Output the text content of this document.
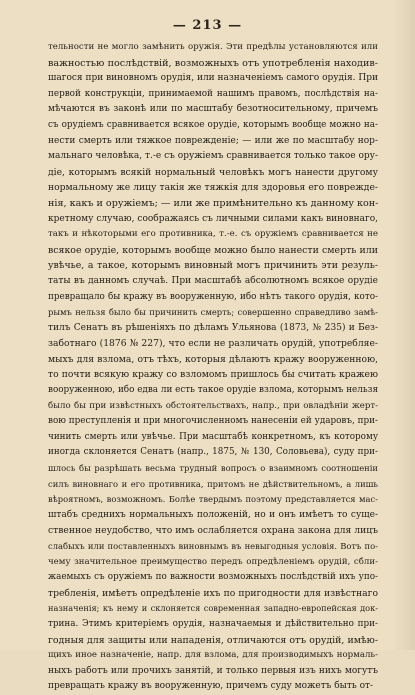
— 213 —
тельности не могло замѣнить оружія. Эти предѣлы установляются или
важностью послѣдствій, возможныхъ отъ употребленія находив-
шагося при виновномъ орудія, или назначеніемъ самого орудія. При
первой конструкціи, принимаемой нашимъ правомъ, послѣдствія на-
мѣчаются въ законѣ или по масштабу безотносительному, причемъ
съ орудіемъ сравнивается всякое орудіе, которымъ вообще можно на-
нести смерть или тяжкое поврежденіе; — или же по масштабу нор-
мальнаго человѣка, т.-е съ оружіемъ сравнивается только такое ору-
діе, которымъ всякій нормальный человѣкъ могъ нанести другому
нормальному же лицу такія же тяжкія для здоровья его поврежде-
нія, какъ и оружіемъ; — или же примѣнительно къ данному кон-
кретному случаю, соображаясь съ личными силами какъ виновнаго,
такъ и нѣкоторыми его противника, т.-е. съ оружіемъ сравнивается не
всякое орудіе, которымъ вообще можно было нанести смерть или
увѣчье, а такое, которымъ виновный могъ причинить эти резуль-
таты въ данномъ случаѣ. При масштабѣ абсолютномъ всякое орудіе
превращало бы кражу въ вооруженную, ибо нѣтъ такого орудія, кото-
рымъ нельзя было бы причинить смерть; совершенно справедливо замѣ-
тилъ Сенатъ въ рѣшеніяхъ по дѣламъ Ульянова (1873, № 235) и Без-
заботнаго (1876 № 227), что если не различать орудій, употребляе-
мыхъ для взлома, отъ тѣхъ, которыя дѣлаютъ кражу вооруженною,
то почти всякую кражу со взломомъ пришлось бы считать кражею
вооруженною, ибо едва ли есть такое орудіе взлома, которымъ нельзя
было бы при извѣстныхъ обстоятельствахъ, напр., при овладѣніи жерт-
вою преступленія и при многочисленномъ нанесеніи ей ударовъ, при-
чинить смерть или увѣчье. При масштабѣ конкретномъ, къ которому
иногда склоняется Сенатъ (напр., 1875, № 130, Соловьева), суду при-
шлось бы разрѣшать весьма трудный вопросъ о взаимномъ соотношеніи
силъ виновнаго и его противника, притомъ не дѣйствительномъ, а лишь
вѣроятномъ, возможномъ. Болѣе твердымъ поэтому представляется мас-
штабъ среднихъ нормальныхъ положеній, но и онъ имѣетъ то суще-
ственное неудобство, что имъ ослабляется охрана закона для лицъ
слабыхъ или поставленныхъ виновнымъ въ невыгодныя условія. Вотъ по-
чему значительное преимущество передъ опредѣленіемъ орудій, сбли-
жаемыхъ съ оружіемъ по важности возможныхъ послѣдствій ихъ упо-
требленія, имѣетъ опредѣленіе ихъ по пригодности для извѣстнаго
назначенія; къ нему и склоняется современная западно-европейская док-
трина. Этимъ критеріемъ орудія, назначаемыя и дѣйствительно при-
годныя для защиты или нападенія, отличаются отъ орудій, имѣю-
щихъ иное назначеніе, напр. для взлома, для производимыхъ нормаль-
ныхъ работъ или прочихъ занятій, и только первыя изъ нихъ могутъ
превращать кражу въ вооруженную, причемъ суду можетъ быть от-
